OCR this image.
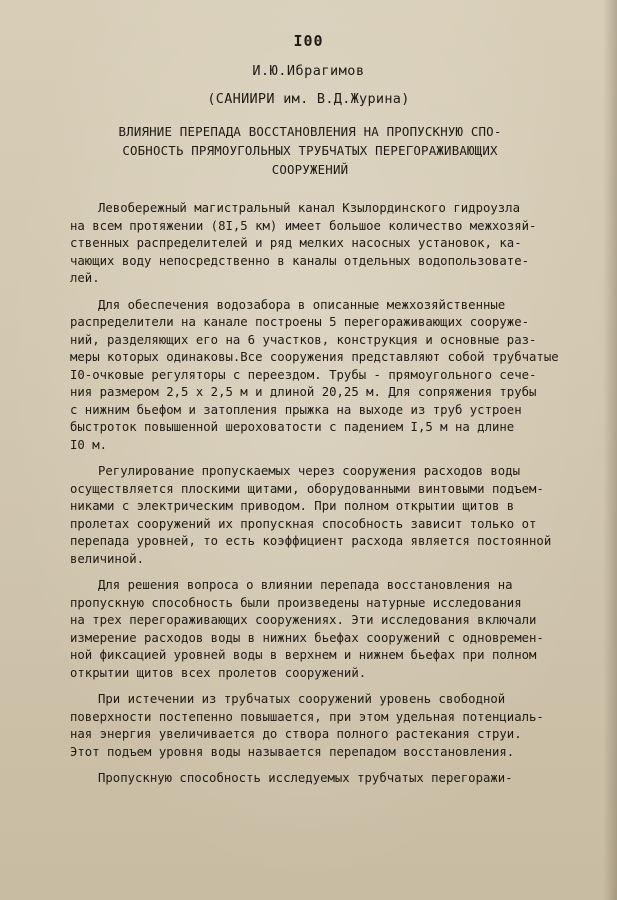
I00
И.Ю.Ибрагимов
(САНИИРИ им. В.Д.Журина)
ВЛИЯНИЕ ПЕРЕПАДА ВОССТАНОВЛЕНИЯ НА ПРОПУСКНУЮ СПО-
СОБНОСТЬ ПРЯМОУГОЛЬНЫХ ТРУБЧАТЫХ ПЕРЕГОРАЖИВАЮЩИХ
СООРУЖЕНИЙ
Левобережный магистральный канал Кзылординского гидроузла
на всем протяжении (8I,5 км) имеет большое количество межхозяй-
ственных распределителей и ряд мелких насосных установок, ка-
чающих воду непосредственно в каналы отдельных водопользовате-
лей.
Для обеспечения водозабора в описанные межхозяйственные
распределители на канале построены 5 перегораживающих сооруже-
ний, разделяющих его на 6 участков, конструкция и основные раз-
меры которых одинаковы.Все сооружения представляют собой трубчатые
I0-очковые регуляторы с переездом. Трубы - прямоугольного сече-
ния размером 2,5 х 2,5 м и длиной 20,25 м. Для сопряжения трубы
с нижним бьефом и затопления прыжка на выходе из труб устроен
быстроток повышенной шероховатости с падением I,5 м на длине
I0 м.
Регулирование пропускаемых через сооружения расходов воды
осуществляется плоскими щитами, оборудованными винтовыми подъем-
никами с электрическим приводом. При полном открытии щитов в
пролетах сооружений их пропускная способность зависит только от
перепада уровней, то есть коэффициент расхода является постоянной
величиной.
Для решения вопроса о влиянии перепада восстановления на
пропускную способность были произведены натурные исследования
на трех перегораживающих сооружениях. Эти исследования включали
измерение расходов воды в нижних бьефах сооружений с одновремен-
ной фиксацией уровней воды в верхнем и нижнем бьефах при полном
открытии щитов всех пролетов сооружений.
При истечении из трубчатых сооружений уровень свободной
поверхности постепенно повышается, при этом удельная потенциаль-
ная энергия увеличивается до створа полного растекания струи.
Этот подъем уровня воды называется перепадом восстановления.
Пропускную способность исследуемых трубчатых перегоражи-
